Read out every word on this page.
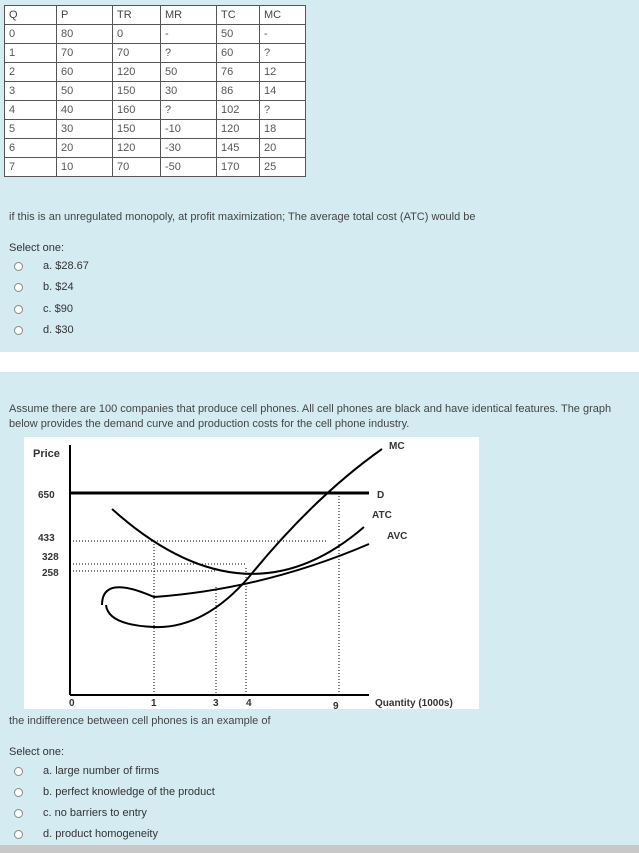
Q	P	TR	MR	TC	MC
0	80	0	-	50	-
1	70	70	?	60	?
2	60	120	50	76	12
3	50	150	30	86	14
4	40	160	?	102	?
5	30	150	-10	120	18
6	20	120	-30	145	20
7	10	70	-50	170	25
if this is an unregulated monopoly, at profit maximization; The average total cost (ATC) would be
Select one:
a. $28.67
b. $24
c. $90
d. $30
Assume there are 100 companies that produce cell phones. All cell phones are black and have identical features. The graph below provides the demand curve and production costs for the cell phone industry.
Price
650
433
328
258
0	1	3	4	9
MC
D
ATC
AVC
Quantity (1000s)
the indifference between cell phones is an example of
Select one:
a. large number of firms
b. perfect knowledge of the product
c. no barriers to entry
d. product homogeneity
